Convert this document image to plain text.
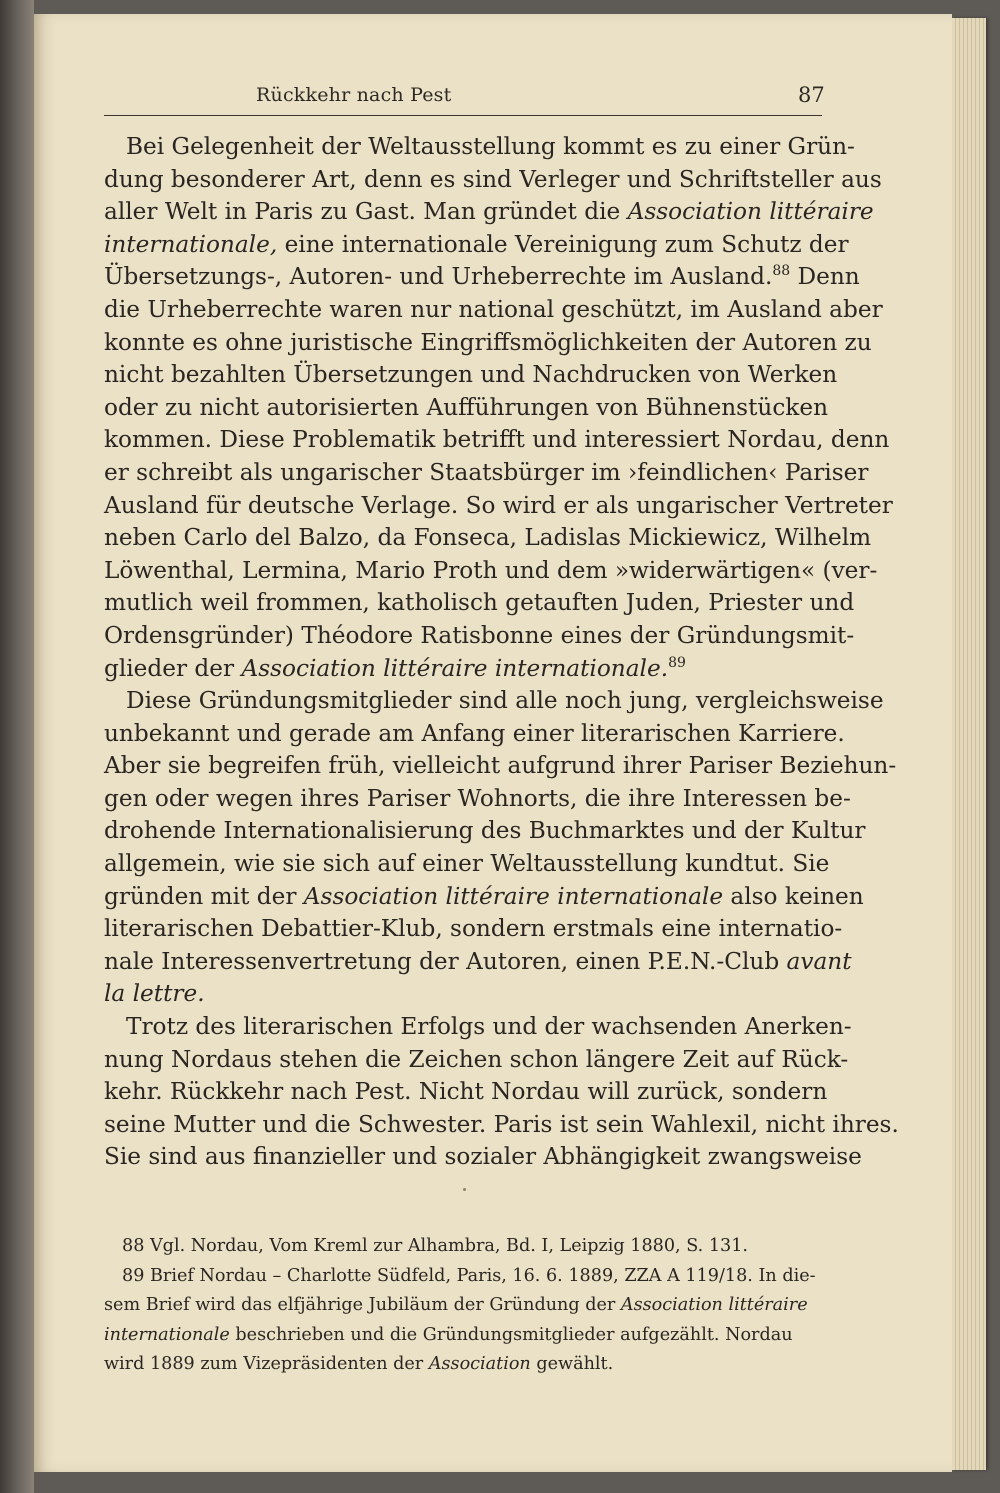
Rückkehr nach Pest	87
Bei Gelegenheit der Weltausstellung kommt es zu einer Grün-
dung besonderer Art, denn es sind Verleger und Schriftsteller aus
aller Welt in Paris zu Gast. Man gründet die Association littéraire
internationale, eine internationale Vereinigung zum Schutz der
Übersetzungs-, Autoren- und Urheberrechte im Ausland.$^{88}$ Denn
die Urheberrechte waren nur national geschützt, im Ausland aber
konnte es ohne juristische Eingriffsmöglichkeiten der Autoren zu
nicht bezahlten Übersetzungen und Nachdrucken von Werken
oder zu nicht autorisierten Aufführungen von Bühnenstücken
kommen. Diese Problematik betrifft und interessiert Nordau, denn
er schreibt als ungarischer Staatsbürger im ›feindlichen‹ Pariser
Ausland für deutsche Verlage. So wird er als ungarischer Vertreter
neben Carlo del Balzo, da Fonseca, Ladislas Mickiewicz, Wilhelm
Löwenthal, Lermina, Mario Proth und dem »widerwärtigen« (ver-
mutlich weil frommen, katholisch getauften Juden, Priester und
Ordensgründer) Théodore Ratisbonne eines der Gründungsmit-
glieder der Association littéraire internationale.$^{89}$
Diese Gründungsmitglieder sind alle noch jung, vergleichsweise
unbekannt und gerade am Anfang einer literarischen Karriere.
Aber sie begreifen früh, vielleicht aufgrund ihrer Pariser Beziehun-
gen oder wegen ihres Pariser Wohnorts, die ihre Interessen be-
drohende Internationalisierung des Buchmarktes und der Kultur
allgemein, wie sie sich auf einer Weltausstellung kundtut. Sie
gründen mit der Association littéraire internationale also keinen
literarischen Debattier-Klub, sondern erstmals eine internatio-
nale Interessenvertretung der Autoren, einen P.E.N.-Club avant
la lettre.
Trotz des literarischen Erfolgs und der wachsenden Anerken-
nung Nordaus stehen die Zeichen schon längere Zeit auf Rück-
kehr. Rückkehr nach Pest. Nicht Nordau will zurück, sondern
seine Mutter und die Schwester. Paris ist sein Wahlexil, nicht ihres.
Sie sind aus finanzieller und sozialer Abhängigkeit zwangsweise
88 Vgl. Nordau, Vom Kreml zur Alhambra, Bd. I, Leipzig 1880, S. 131.
89 Brief Nordau – Charlotte Südfeld, Paris, 16. 6. 1889, ZZA A 119/18. In die-
sem Brief wird das elfjährige Jubiläum der Gründung der Association littéraire
internationale beschrieben und die Gründungsmitglieder aufgezählt. Nordau
wird 1889 zum Vizepräsidenten der Association gewählt.
